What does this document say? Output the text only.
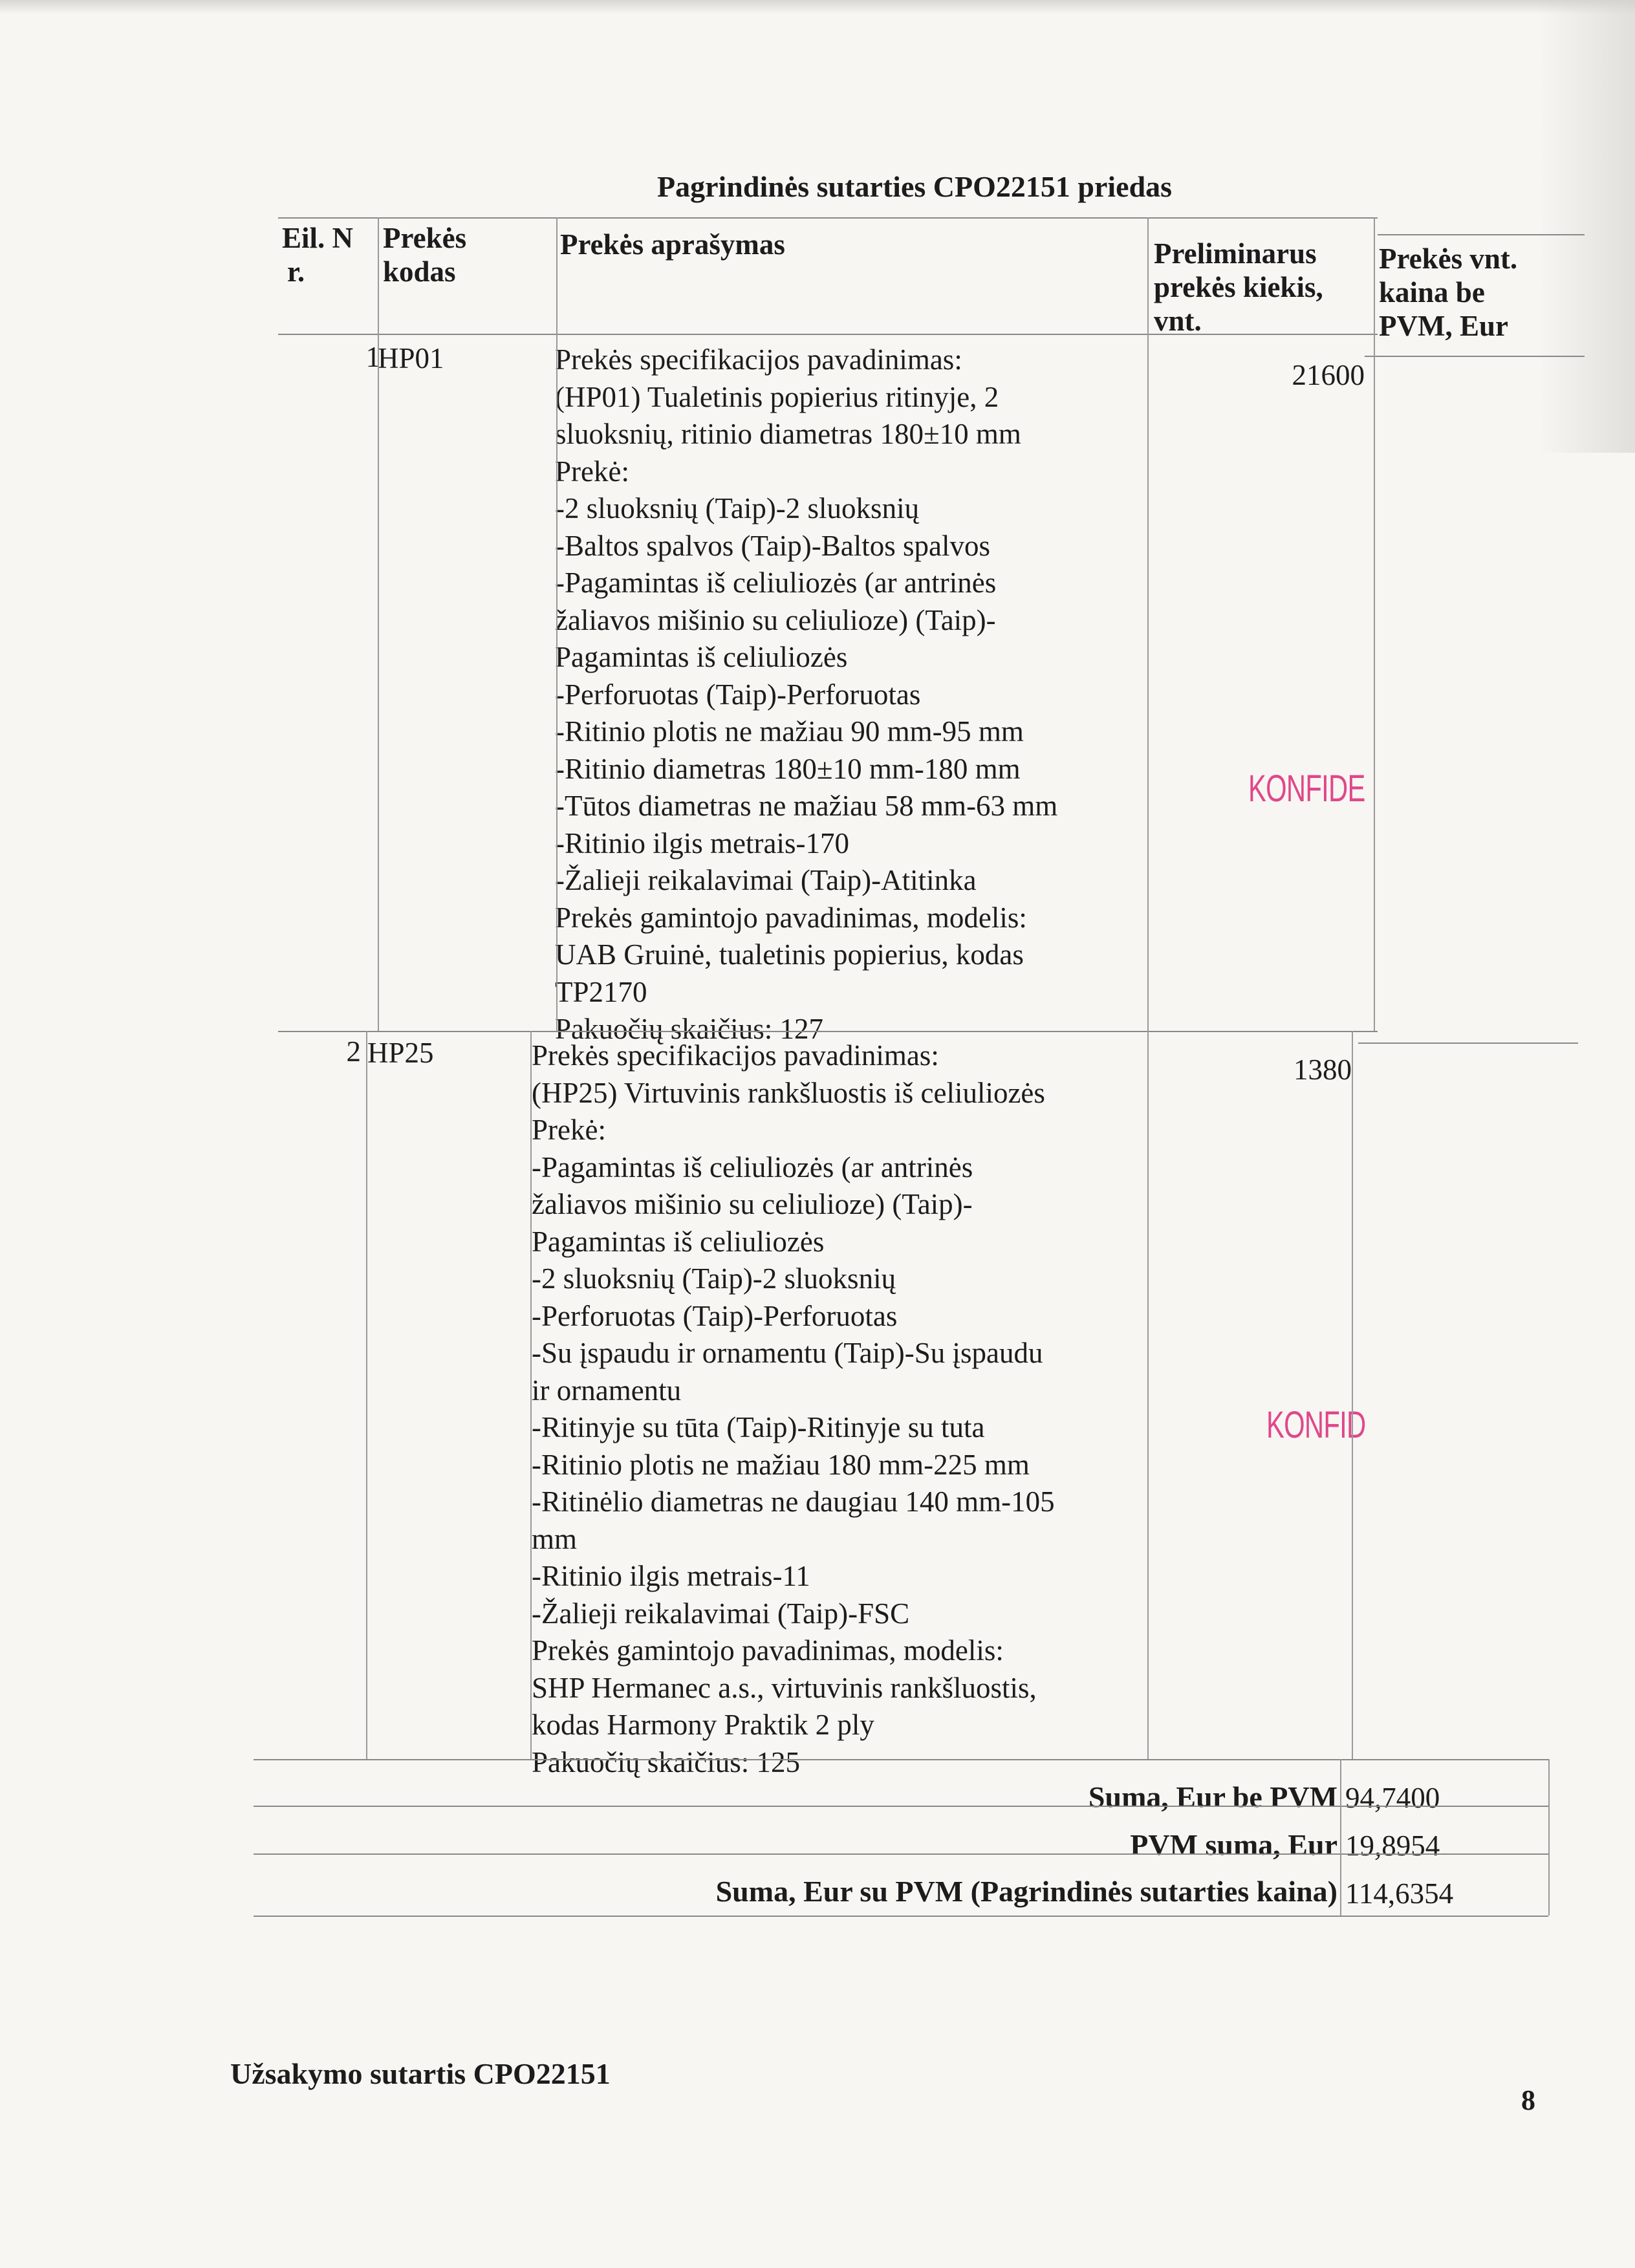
Pagrindinės sutarties CPO22151 priedas
Eil. N
r.
Prekės
kodas
Prekės aprašymas	Preliminarus
prekės kiekis,
vnt.
Prekės vnt.
kaina be
PVM, Eur
1
HP01
21600
Prekės specifikacijos pavadinimas:
(HP01) Tualetinis popierius ritinyje, 2
sluoksnių, ritinio diametras 180±10 mm
Prekė:
-2 sluoksnių (Taip)-2 sluoksnių
-Baltos spalvos (Taip)-Baltos spalvos
-Pagamintas iš celiuliozės (ar antrinės
žaliavos mišinio su celiulioze) (Taip)-
Pagamintas iš celiuliozės
-Perforuotas (Taip)-Perforuotas
-Ritinio plotis ne mažiau 90 mm-95 mm
-Ritinio diametras 180±10 mm-180 mm
-Tūtos diametras ne mažiau 58 mm-63 mm
-Ritinio ilgis metrais-170
-Žalieji reikalavimai (Taip)-Atitinka
Prekės gamintojo pavadinimas, modelis:
UAB Gruinė, tualetinis popierius, kodas
TP2170
Pakuočių skaičius: 127
KONFIDE
2 HP25
1380
Prekės specifikacijos pavadinimas:
(HP25) Virtuvinis rankšluostis iš celiuliozės
Prekė:
-Pagamintas iš celiuliozės (ar antrinės
žaliavos mišinio su celiulioze) (Taip)-
Pagamintas iš celiuliozės
-2 sluoksnių (Taip)-2 sluoksnių
-Perforuotas (Taip)-Perforuotas
-Su įspaudu ir ornamentu (Taip)-Su įspaudu
ir ornamentu
-Ritinyje su tūta (Taip)-Ritinyje su tuta
-Ritinio plotis ne mažiau 180 mm-225 mm
-Ritinėlio diametras ne daugiau 140 mm-105
mm
-Ritinio ilgis metrais-11
-Žalieji reikalavimai (Taip)-FSC
Prekės gamintojo pavadinimas, modelis:
SHP Hermanec a.s., virtuvinis rankšluostis,
kodas Harmony Praktik 2 ply
Pakuočių skaičius: 125
KONFID
Suma, Eur be PVM 94,7400
PVM suma, Eur 19,8954
Suma, Eur su PVM (Pagrindinės sutarties kaina) 114,6354
Užsakymo sutartis CPO22151
8
